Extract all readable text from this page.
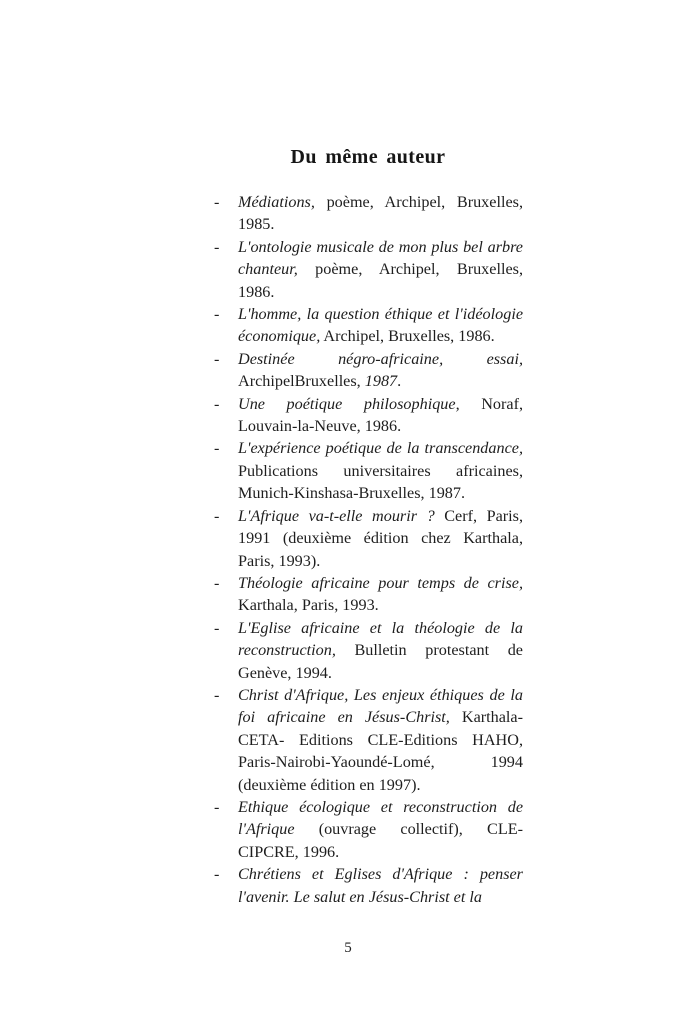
Du même auteur
- Médiations, poème, Archipel, Bruxelles, 1985.
- L'ontologie musicale de mon plus bel arbre chanteur, poème, Archipel, Bruxelles, 1986.
- L'homme, la question éthique et l'idéologie économique, Archipel, Bruxelles, 1986.
- Destinée négro-africaine, essai, ArchipelBruxelles, 1987.
- Une poétique philosophique, Noraf, Louvain-la-Neuve, 1986.
- L'expérience poétique de la transcendance, Publications universitaires africaines, Munich-Kinshasa-Bruxelles, 1987.
- L'Afrique va-t-elle mourir ? Cerf, Paris, 1991 (deuxième édition chez Karthala, Paris, 1993).
- Théologie africaine pour temps de crise, Karthala, Paris, 1993.
- L'Eglise africaine et la théologie de la reconstruction, Bulletin protestant de Genève, 1994.
- Christ d'Afrique, Les enjeux éthiques de la foi africaine en Jésus-Christ, Karthala-CETA- Editions CLE-Editions HAHO, Paris-Nairobi-Yaoundé-Lomé, 1994 (deuxième édition en 1997).
- Ethique écologique et reconstruction de l'Afrique (ouvrage collectif), CLE-CIPCRE, 1996.
- Chrétiens et Eglises d'Afrique : penser l'avenir. Le salut en Jésus-Christ et la
5
